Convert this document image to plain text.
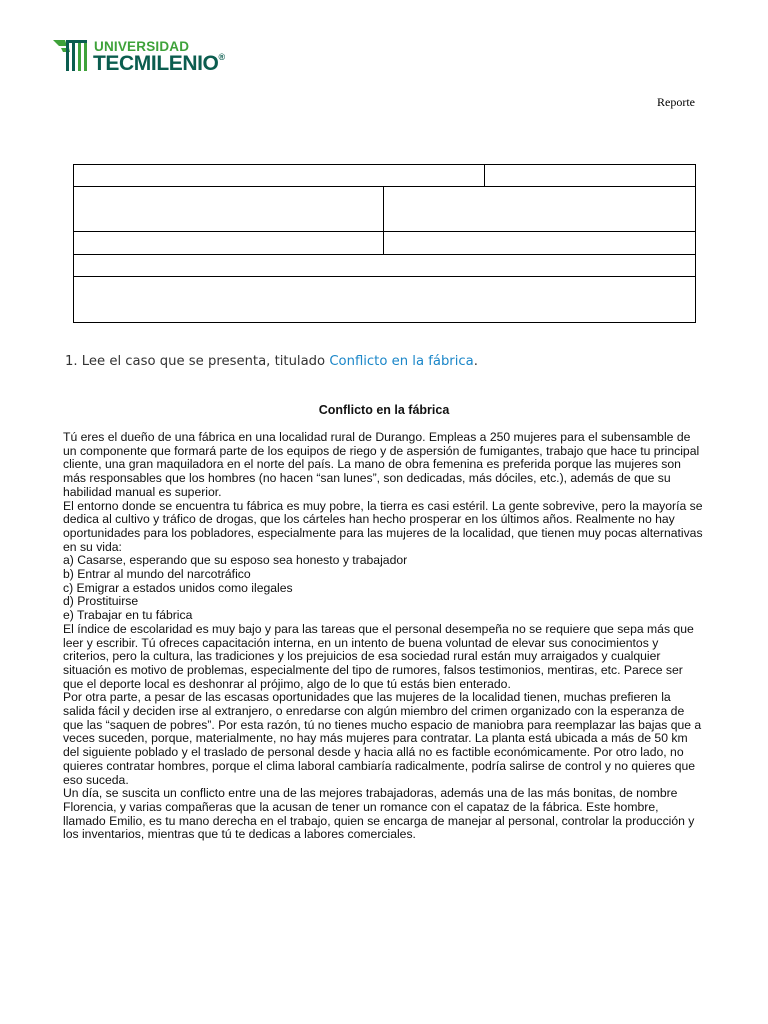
UNIVERSIDAD
TECMILENIO®
Reporte

1. Lee el caso que se presenta, titulado Conflicto en la fábrica.
Conflicto en la fábrica

Tú eres el dueño de una fábrica en una localidad rural de Durango. Empleas a 250 mujeres para el subensamble de un componente que formará parte de los equipos de riego y de aspersión de fumigantes, trabajo que hace tu principal cliente, una gran maquiladora en el norte del país. La mano de obra femenina es preferida porque las mujeres son más responsables que los hombres (no hacen “san lunes”, son dedicadas, más dóciles, etc.), además de que su habilidad manual es superior.

El entorno donde se encuentra tu fábrica es muy pobre, la tierra es casi estéril. La gente sobrevive, pero la mayoría se dedica al cultivo y tráfico de drogas, que los cárteles han hecho prosperar en los últimos años. Realmente no hay oportunidades para los pobladores, especialmente para las mujeres de la localidad, que tienen muy pocas alternativas en su vida:

a) Casarse, esperando que su esposo sea honesto y trabajador

b) Entrar al mundo del narcotráfico

c) Emigrar a estados unidos como ilegales

d) Prostituirse

e) Trabajar en tu fábrica

El índice de escolaridad es muy bajo y para las tareas que el personal desempeña no se requiere que sepa más que leer y escribir. Tú ofreces capacitación interna, en un intento de buena voluntad de elevar sus conocimientos y criterios, pero la cultura, las tradiciones y los prejuicios de esa sociedad rural están muy arraigados y cualquier situación es motivo de problemas, especialmente del tipo de rumores, falsos testimonios, mentiras, etc. Parece ser que el deporte local es deshonrar al prójimo, algo de lo que tú estás bien enterado.

Por otra parte, a pesar de las escasas oportunidades que las mujeres de la localidad tienen, muchas prefieren la salida fácil y deciden irse al extranjero, o enredarse con algún miembro del crimen organizado con la esperanza de que las “saquen de pobres”. Por esta razón, tú no tienes mucho espacio de maniobra para reemplazar las bajas que a veces suceden, porque, materialmente, no hay más mujeres para contratar. La planta está ubicada a más de 50 km del siguiente poblado y el traslado de personal desde y hacia allá no es factible económicamente. Por otro lado, no quieres contratar hombres, porque el clima laboral cambiaría radicalmente, podría salirse de control y no quieres que eso suceda.

Un día, se suscita un conflicto entre una de las mejores trabajadoras, además una de las más bonitas, de nombre Florencia, y varias compañeras que la acusan de tener un romance con el capataz de la fábrica. Este hombre, llamado Emilio, es tu mano derecha en el trabajo, quien se encarga de manejar al personal, controlar la producción y los inventarios, mientras que tú te dedicas a labores comerciales.
